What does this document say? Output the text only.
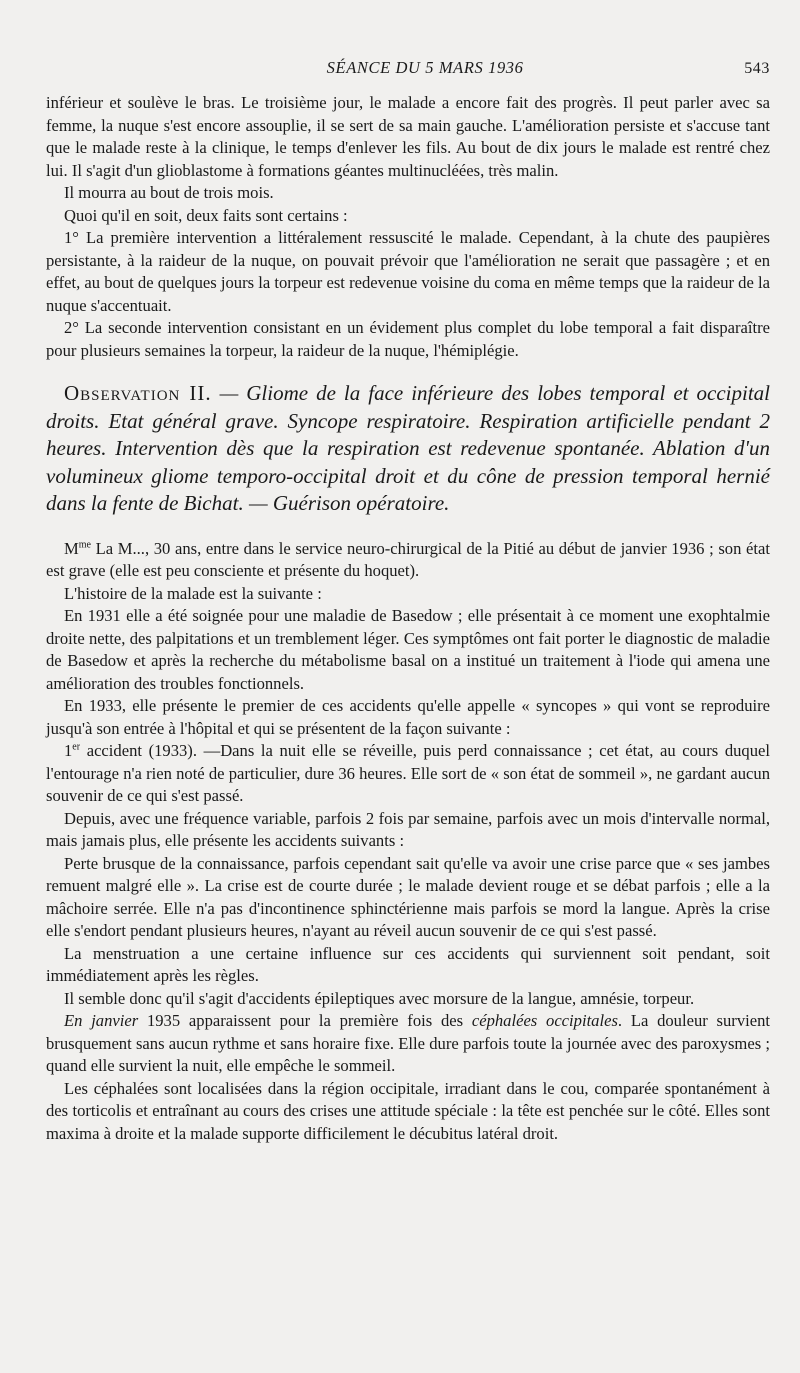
SÉANCE DU 5 MARS 1936	543

inférieur et soulève le bras. Le troisième jour, le malade a encore fait des progrès. Il peut parler avec sa femme, la nuque s'est encore assouplie, il se sert de sa main gauche. L'amélioration persiste et s'accuse tant que le malade reste à la clinique, le temps d'enlever les fils. Au bout de dix jours le malade est rentré chez lui. Il s'agit d'un glioblastome à formations géantes multinucléées, très malin.

Il mourra au bout de trois mois.

Quoi qu'il en soit, deux faits sont certains :

1° La première intervention a littéralement ressuscité le malade. Cependant, à la chute des paupières persistante, à la raideur de la nuque, on pouvait prévoir que l'amélioration ne serait que passagère ; et en effet, au bout de quelques jours la torpeur est redevenue voisine du coma en même temps que la raideur de la nuque s'accentuait.

2° La seconde intervention consistant en un évidement plus complet du lobe temporal a fait disparaître pour plusieurs semaines la torpeur, la raideur de la nuque, l'hémiplégie.

Observation II. — Gliome de la face inférieure des lobes temporal et occipital droits. Etat général grave. Syncope respiratoire. Respiration artificielle pendant 2 heures. Intervention dès que la respiration est redevenue spontanée. Ablation d'un volumineux gliome temporo-occipital droit et du cône de pression temporal hernié dans la fente de Bichat. — Guérison opératoire.

$M^{me}$ La M..., 30 ans, entre dans le service neuro-chirurgical de la Pitié au début de janvier 1936 ; son état est grave (elle est peu consciente et présente du hoquet).

L'histoire de la malade est la suivante :

En 1931 elle a été soignée pour une maladie de Basedow ; elle présentait à ce moment une exophtalmie droite nette, des palpitations et un tremblement léger. Ces symptômes ont fait porter le diagnostic de maladie de Basedow et après la recherche du métabolisme basal on a institué un traitement à l'iode qui amena une amélioration des troubles fonctionnels.

En 1933, elle présente le premier de ces accidents qu'elle appelle « syncopes » qui vont se reproduire jusqu'à son entrée à l'hôpital et qui se présentent de la façon suivante :

1er accident (1933). —Dans la nuit elle se réveille, puis perd connaissance ; cet état, au cours duquel l'entourage n'a rien noté de particulier, dure 36 heures. Elle sort de « son état de sommeil », ne gardant aucun souvenir de ce qui s'est passé.

Depuis, avec une fréquence variable, parfois 2 fois par semaine, parfois avec un mois d'intervalle normal, mais jamais plus, elle présente les accidents suivants :

Perte brusque de la connaissance, parfois cependant sait qu'elle va avoir une crise parce que « ses jambes remuent malgré elle ». La crise est de courte durée ; le malade devient rouge et se débat parfois ; elle a la mâchoire serrée. Elle n'a pas d'incontinence sphinctérienne mais parfois se mord la langue. Après la crise elle s'endort pendant plusieurs heures, n'ayant au réveil aucun souvenir de ce qui s'est passé.

La menstruation a une certaine influence sur ces accidents qui surviennent soit pendant, soit immédiatement après les règles.

Il semble donc qu'il s'agit d'accidents épileptiques avec morsure de la langue, amnésie, torpeur.

En janvier 1935 apparaissent pour la première fois des céphalées occipitales. La douleur survient brusquement sans aucun rythme et sans horaire fixe. Elle dure parfois toute la journée avec des paroxysmes ; quand elle survient la nuit, elle empêche le sommeil.

Les céphalées sont localisées dans la région occipitale, irradiant dans le cou, comparée spontanément à des torticolis et entraînant au cours des crises une attitude spéciale : la tête est penchée sur le côté. Elles sont maxima à droite et la malade supporte difficilement le décubitus latéral droit.
